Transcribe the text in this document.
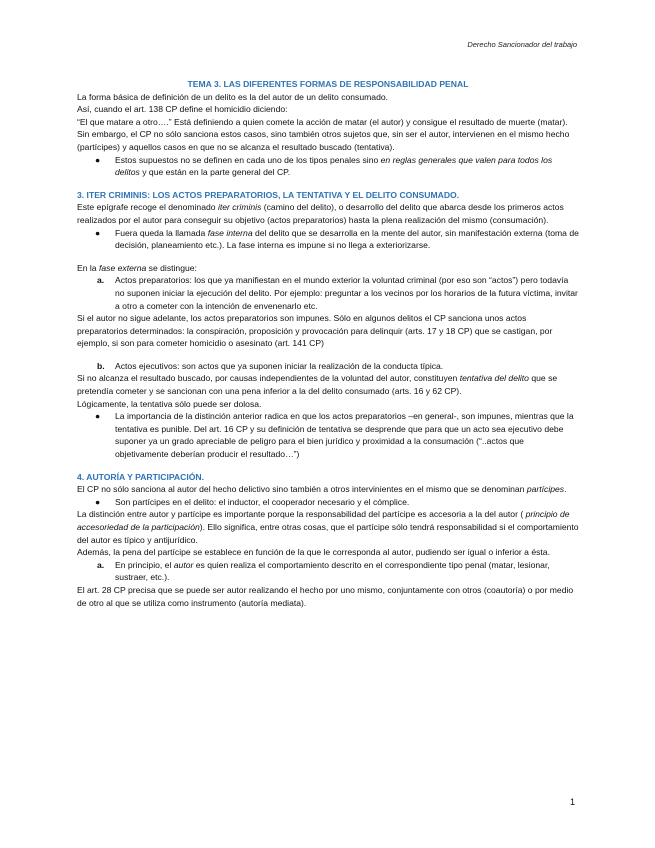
Derecho Sancionador del trabajo

TEMA 3. LAS DIFERENTES FORMAS DE RESPONSABILIDAD PENAL

La forma básica de definición de un delito es la del autor de un delito consumado.

Así, cuando el art. 138 CP define el homicidio diciendo:

“El que matare a otro….” Está definiendo a quien comete la acción de matar (el autor) y consigue el resultado de muerte (matar). Sin embargo, el CP no sólo sanciona estos casos, sino también otros sujetos que, sin ser el autor, intervienen en el mismo hecho (partícipes) y aquellos casos en que no se alcanza el resultado buscado (tentativa).

● Estos supuestos no se definen en cada uno de los tipos penales sino en reglas generales que valen para todos los delitos y que están en la parte general del CP.

3. ITER CRIMINIS: LOS ACTOS PREPARATORIOS, LA TENTATIVA Y EL DELITO CONSUMADO.

Este epígrafe recoge el denominado iter criminis (camino del delito), o desarrollo del delito que abarca desde los primeros actos realizados por el autor para conseguir su objetivo (actos preparatorios) hasta la plena realización del mismo (consumación).

● Fuera queda la llamada fase interna del delito que se desarrolla en la mente del autor, sin manifestación externa (toma de decisión, planeamiento etc.). La fase interna es impune si no llega a exteriorizarse.

En la fase externa se distingue:

a. Actos preparatorios: los que ya manifiestan en el mundo exterior la voluntad criminal (por eso son “actos”) pero todavía no suponen iniciar la ejecución del delito. Por ejemplo: preguntar a los vecinos por los horarios de la futura víctima, invitar a otro a cometer con la intención de envenenarlo etc.

Si el autor no sigue adelante, los actos preparatorios son impunes. Sólo en algunos delitos el CP sanciona unos actos preparatorios determinados: la conspiración, proposición y provocación para delinquir (arts. 17 y 18 CP) que se castigan, por ejemplo, si son para cometer homicidio o asesinato (art. 141 CP)

b. Actos ejecutivos: son actos que ya suponen iniciar la realización de la conducta típica.

Si no alcanza el resultado buscado, por causas independientes de la voluntad del autor, constituyen tentativa del delito que se pretendía cometer y se sancionan con una pena inferior a la del delito consumado (arts. 16 y 62 CP).

Lógicamente, la tentativa sólo puede ser dolosa.

● La importancia de la distinción anterior radica en que los actos preparatorios –en general-, son impunes, mientras que la tentativa es punible. Del art. 16 CP y su definición de tentativa se desprende que para que un acto sea ejecutivo debe suponer ya un grado apreciable de peligro para el bien jurídico y proximidad a la consumación (“..actos que objetivamente deberían producir el resultado…”)

4. AUTORÍA Y PARTICIPACIÓN.

El CP no sólo sanciona al autor del hecho delictivo sino también a otros intervinientes en el mismo que se denominan partícipes.

● Son partícipes en el delito: el inductor, el cooperador necesario y el cómplice.

La distinción entre autor y partícipe es importante porque la responsabilidad del partícipe es accesoria a la del autor ( principio de accesoriedad de la participación). Ello significa, entre otras cosas, que el partícipe sólo tendrá responsabilidad si el comportamiento del autor es típico y antijurídico.

Además, la pena del partícipe se establece en función de la que le corresponda al autor, pudiendo ser igual o inferior a ésta.

a. En principio, el autor es quien realiza el comportamiento descrito en el correspondiente tipo penal (matar, lesionar, sustraer, etc.).

El art. 28 CP precisa que se puede ser autor realizando el hecho por uno mismo, conjuntamente con otros (coautoría) o por medio de otro al que se utiliza como instrumento (autoría mediata).

1
